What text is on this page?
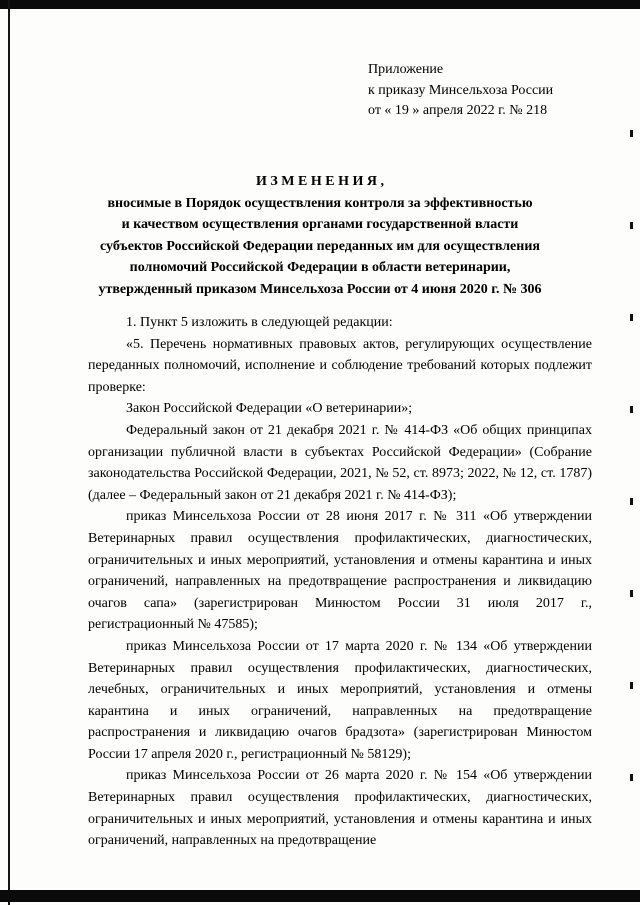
Приложение
к приказу Минсельхоза России
от « 19 » апреля 2022 г. № 218
И З М Е Н Е Н И Я ,
вносимые в Порядок осуществления контроля за эффективностью
и качеством осуществления органами государственной власти
субъектов Российской Федерации переданных им для осуществления
полномочий Российской Федерации в области ветеринарии,
утвержденный приказом Минсельхоза России от 4 июня 2020 г. № 306

1. Пункт 5 изложить в следующей редакции:

«5. Перечень нормативных правовых актов, регулирующих осуществление переданных полномочий, исполнение и соблюдение требований которых подлежит проверке:

Закон Российской Федерации «О ветеринарии»;

Федеральный закон от 21 декабря 2021 г. № 414-ФЗ «Об общих принципах организации публичной власти в субъектах Российской Федерации» (Собрание законодательства Российской Федерации, 2021, № 52, ст. 8973; 2022, № 12, ст. 1787) (далее – Федеральный закон от 21 декабря 2021 г. № 414-ФЗ);

приказ Минсельхоза России от 28 июня 2017 г. № 311 «Об утверждении Ветеринарных правил осуществления профилактических, диагностических, ограничительных и иных мероприятий, установления и отмены карантина и иных ограничений, направленных на предотвращение распространения и ликвидацию очагов сапа» (зарегистрирован Минюстом России 31 июля 2017 г., регистрационный № 47585);

приказ Минсельхоза России от 17 марта 2020 г. № 134 «Об утверждении Ветеринарных правил осуществления профилактических, диагностических, лечебных, ограничительных и иных мероприятий, установления и отмены карантина и иных ограничений, направленных на предотвращение распространения и ликвидацию очагов брадзота» (зарегистрирован Минюстом России 17 апреля 2020 г., регистрационный № 58129);

приказ Минсельхоза России от 26 марта 2020 г. № 154 «Об утверждении Ветеринарных правил осуществления профилактических, диагностических, ограничительных и иных мероприятий, установления и отмены карантина и иных ограничений, направленных на предотвращение
